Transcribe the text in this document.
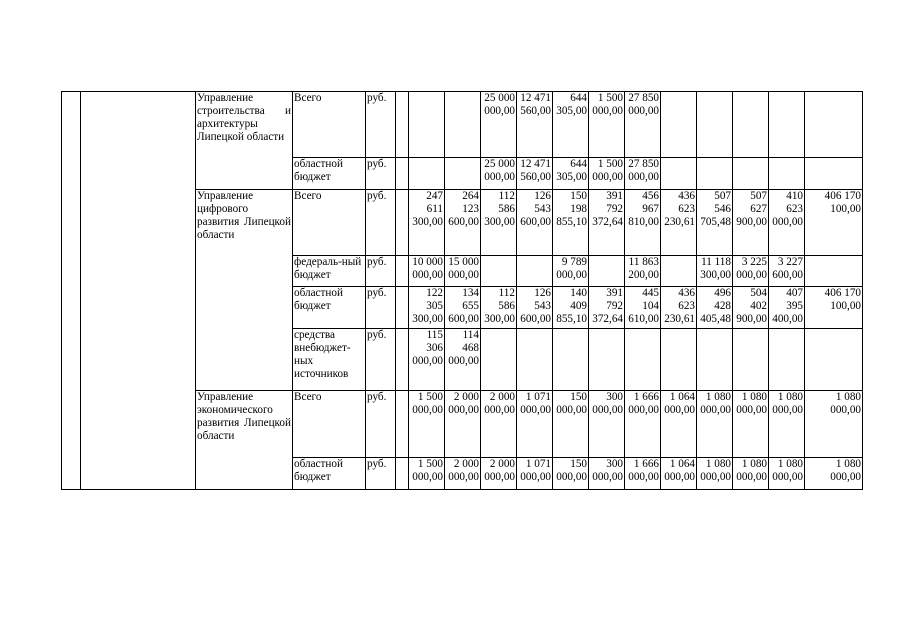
		Управление строительства и архитектуры Липецкой области	Всего	руб.				25 000 000,00	12 471 560,00	644 305,00	1 500 000,00	27 850 000,00					
			областной бюджет	руб.				25 000 000,00	12 471 560,00	644 305,00	1 500 000,00	27 850 000,00					
		Управление цифрового развития Липецкой области	Всего	руб.		247 611 300,00	264 123 600,00	112 586 300,00	126 543 600,00	150 198 855,10	391 792 372,64	456 967 810,00	436 623 230,61	507 546 705,48	507 627 900,00	410 623 000,00	406 170 100,00
			федераль-ный бюджет	руб.		10 000 000,00	15 000 000,00			9 789 000,00		11 863 200,00		11 118 300,00	3 225 000,00	3 227 600,00	
			областной бюджет	руб.		122 305 300,00	134 655 600,00	112 586 300,00	126 543 600,00	140 409 855,10	391 792 372,64	445 104 610,00	436 623 230,61	496 428 405,48	504 402 900,00	407 395 400,00	406 170 100,00
			средства внебюджет-ных источников	руб.		115 306 000,00	114 468 000,00										
		Управление экономического развития Липецкой области	Всего	руб.		1 500 000,00	2 000 000,00	2 000 000,00	1 071 000,00	150 000,00	300 000,00	1 666 000,00	1 064 000,00	1 080 000,00	1 080 000,00	1 080 000,00	1 080 000,00
			областной бюджет	руб.		1 500 000,00	2 000 000,00	2 000 000,00	1 071 000,00	150 000,00	300 000,00	1 666 000,00	1 064 000,00	1 080 000,00	1 080 000,00	1 080 000,00	1 080 000,00
